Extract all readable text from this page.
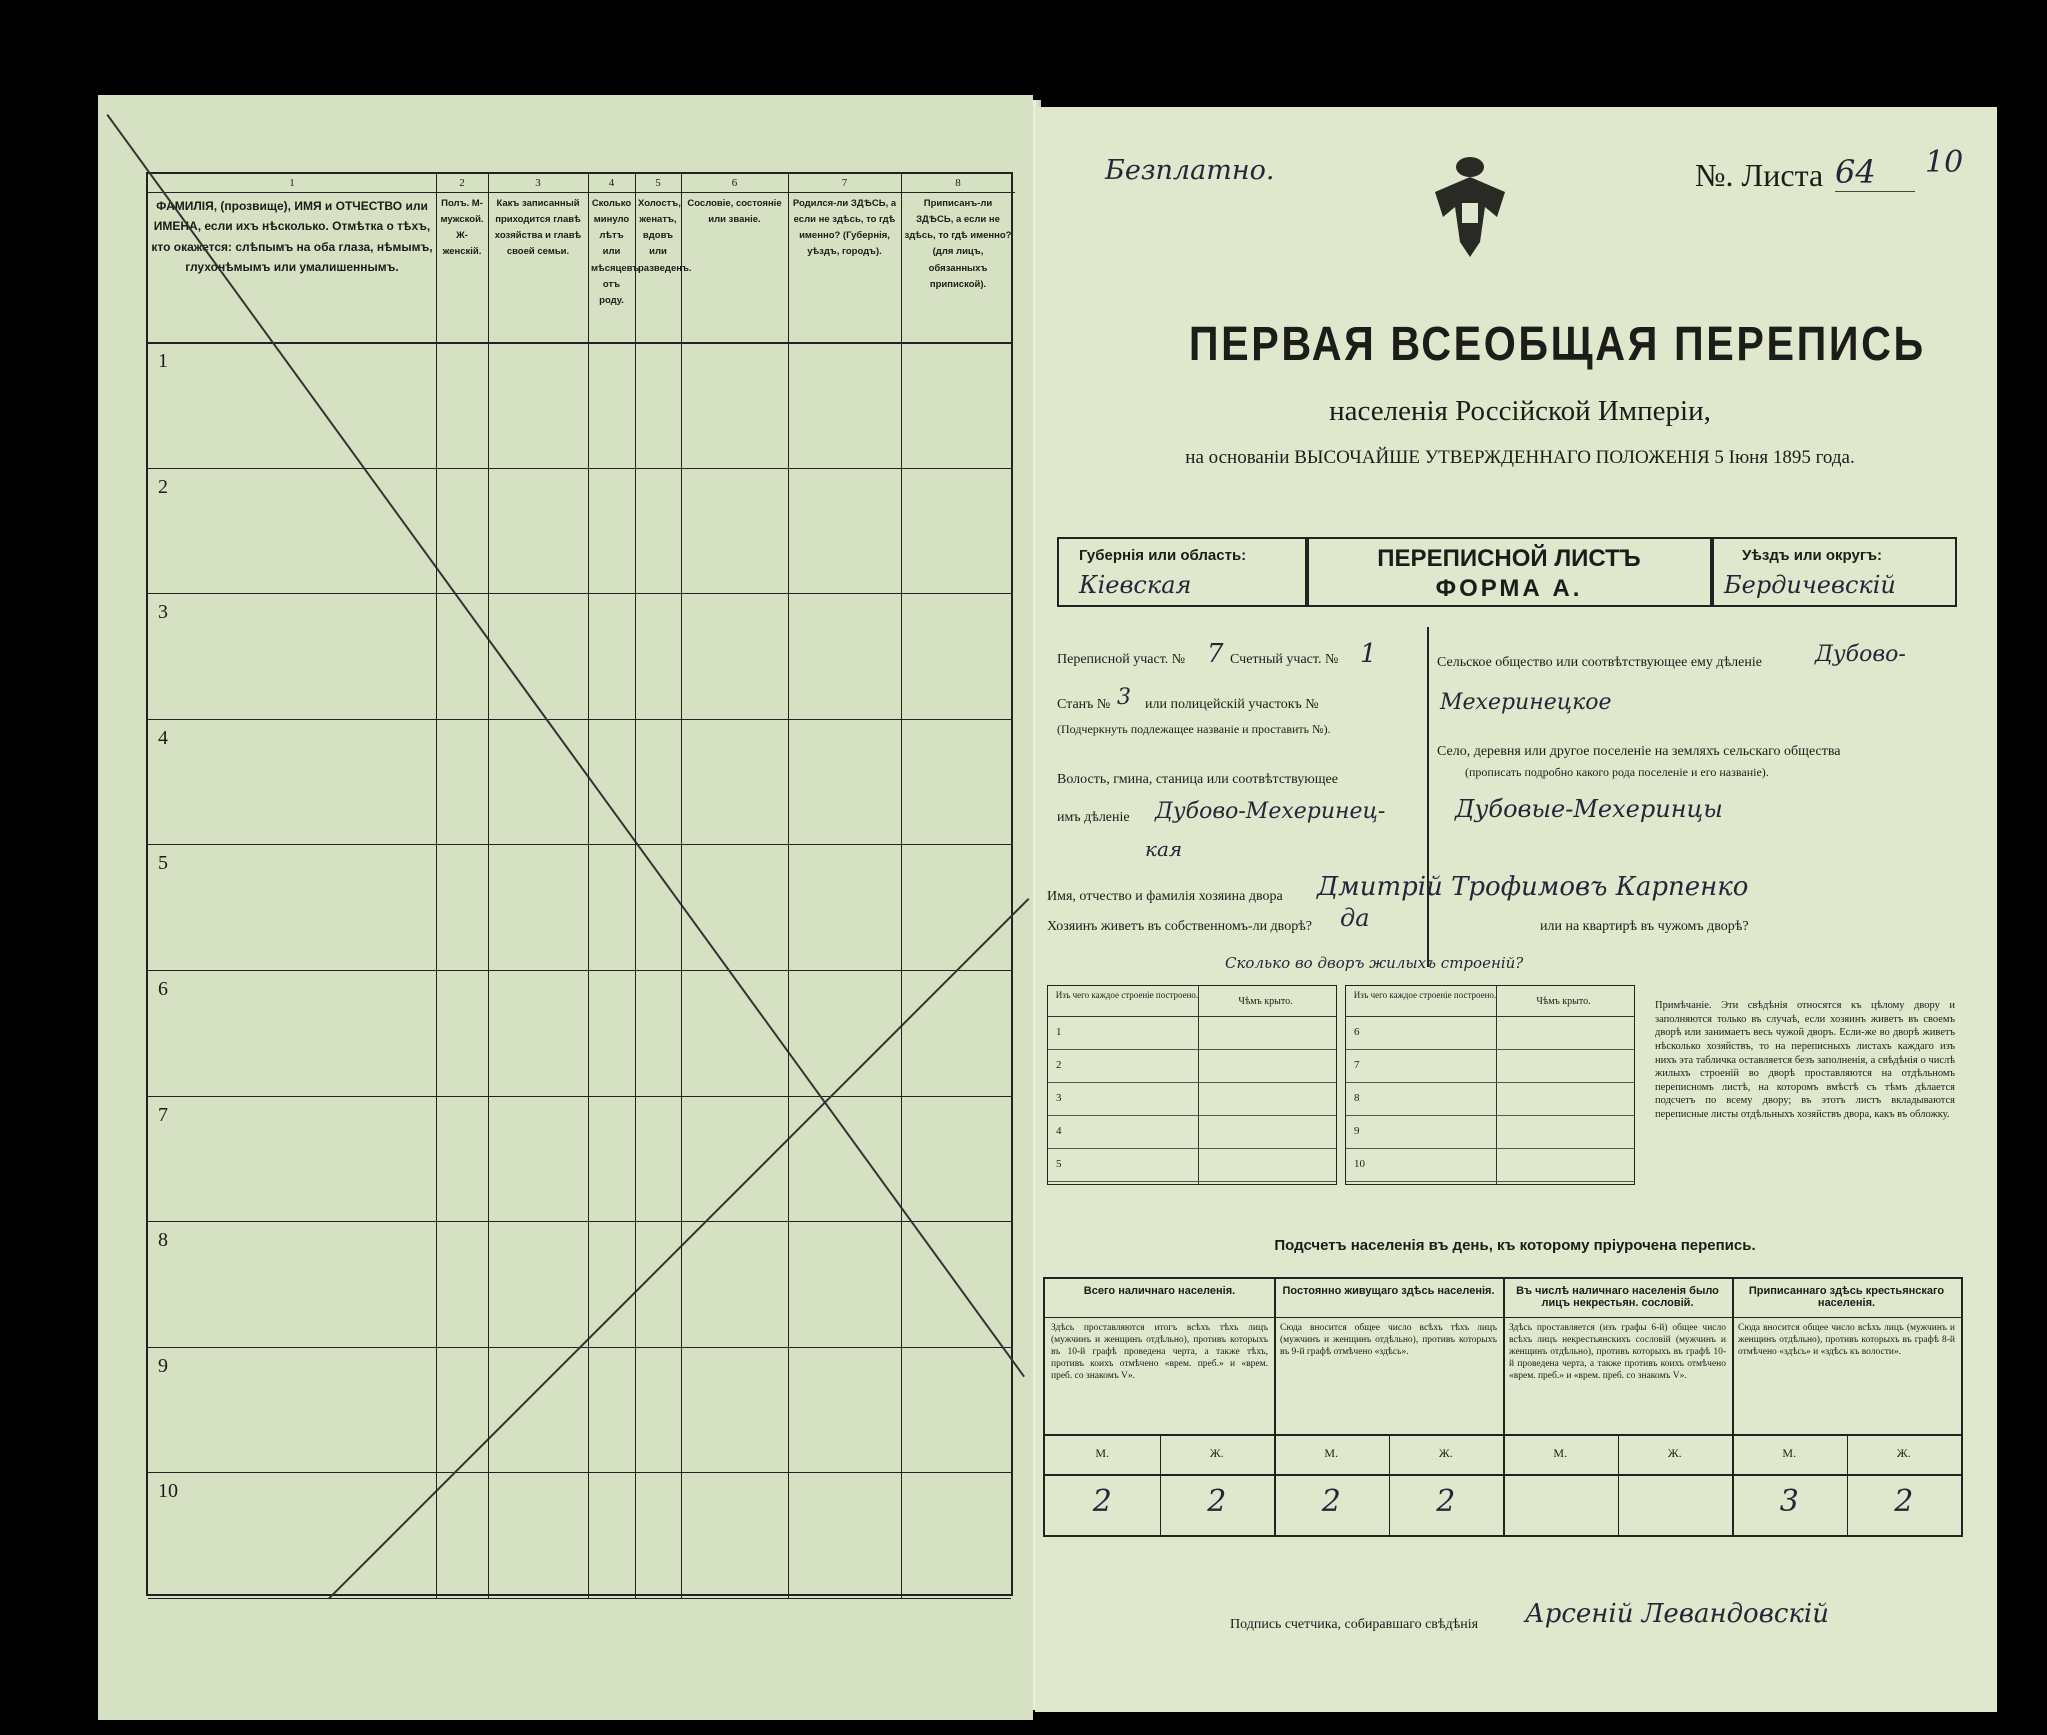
1
ФАМИЛІЯ, (прозвище), ИМЯ и ОТЧЕСТВО или ИМЕНА, если ихъ нѣсколько. Отмѣтка о тѣхъ, кто окажется: слѣпымъ на оба глаза, нѣмымъ, глухонѣмымъ или умалишеннымъ.
2
Полъ. М-мужской. Ж-женскій.
3
Какъ записанный приходится главѣ хозяйства и главѣ своей семьи.
4
Сколько минуло лѣтъ или мѣсяцевъ отъ роду.
5
Холостъ, женатъ, вдовъ или разведенъ.
6
Сословіе, состояніе или званіе.
7
Родился-ли ЗДѢСЬ, а если не здѣсь, то гдѣ именно? (Губернія, уѣздъ, городъ).
8
Приписанъ-ли ЗДѢСЬ, а если не здѣсь, то гдѣ именно? (для лицъ, обязанныхъ припиской).
1
2
3
4
5
6
7
8
9
10
Безплатно.	№. Листа 64 10
ПЕРВАЯ ВСЕОБЩАЯ ПЕРЕПИСЬ
населенія Россійской Имперіи,
на основаніи ВЫСОЧАЙШЕ УТВЕРЖДЕННАГО ПОЛОЖЕНІЯ 5 Іюня 1895 года.
Губернія или область:
Кіевская
ПЕРЕПИСНОЙ ЛИСТЪ
ФОРМА А.
Уѣздъ или округъ:
Бердичевскій
Переписной участ. № 7 Счетный участ. № 1
Станъ № 3 или полицейскій участокъ №
(Подчеркнуть подлежащее названіе и проставить №).
Волость, гмина, станица или соотвѣтствующее
имъ дѣленіе Дубово-Мехеринец-
кая
Сельское общество или соотвѣтствующее ему дѣленіе Дубово-
Мехеринецкое
Село, деревня или другое поселеніе на земляхъ сельскаго общества
(прописать подробно какого рода поселеніе и его названіе).
Дубовые-Мехеринцы
Имя, отчество и фамилія хозяина двора Дмитрій Трофимовъ Карпенко
Хозяинъ живетъ въ собственномъ-ли дворѣ? да	или на квартирѣ въ чужомъ дворѣ?
Сколько во дворъ жилыхъ строеній?
Изъ чего каждое строеніе построено.
Чѣмъ крыто.
1
2
3
4
5
Изъ чего каждое строеніе построено.
Чѣмъ крыто.
6
7
8
9
10
Примѣчаніе. Эти свѣдѣнія относятся къ цѣлому двору и заполняются только въ случаѣ, если хозяинъ живетъ въ своемъ дворѣ или занимаетъ весь чужой дворъ. Если-же во дворѣ живетъ нѣсколько хозяйствъ, то на переписныхъ листахъ каждаго изъ нихъ эта табличка оставляется безъ заполненія, а свѣдѣнія о числѣ жилыхъ строеній во дворѣ проставляются на отдѣльномъ переписномъ листѣ, на которомъ вмѣстѣ съ тѣмъ дѣлается подсчетъ по всему двору; въ этотъ листъ вкладываются переписные листы отдѣльныхъ хозяйствъ двора, какъ въ обложку.
Подсчетъ населенія въ день, къ которому пріурочена перепись.
Всего наличнаго населенія.
Здѣсь проставляются итогъ всѣхъ тѣхъ лицъ (мужчинъ и женщинъ отдѣльно), противъ которыхъ въ 10-й графѣ проведена черта, а также тѣхъ, противъ коихъ отмѣчено «врем. преб.» и «врем. преб. со знакомъ V».
М.	Ж.
2	2
Постоянно живущаго здѣсь населенія.
Сюда вносится общее число всѣхъ тѣхъ лицъ (мужчинъ и женщинъ отдѣльно), противъ которыхъ въ 9-й графѣ отмѣчено «здѣсь».
М.	Ж.
2	2
Въ числѣ наличнаго населенія было лицъ некрестьян. сословій.
Здѣсь проставляется (изъ графы 6-й) общее число всѣхъ лицъ некрестьянскихъ сословій (мужчинъ и женщинъ отдѣльно), противъ которыхъ въ графѣ 10-й проведена черта, а также противъ коихъ отмѣчено «врем. преб.» и «врем. преб. со знакомъ V».
М.	Ж.
Приписаннаго здѣсь крестьянскаго населенія.
Сюда вносится общее число всѣхъ лицъ (мужчинъ и женщинъ отдѣльно), противъ которыхъ въ графѣ 8-й отмѣчено «здѣсь» и «здѣсь къ волости».
М.	Ж.
3	2
Подпись счетчика, собиравшаго свѣдѣнія Арсеній Левандовскій
